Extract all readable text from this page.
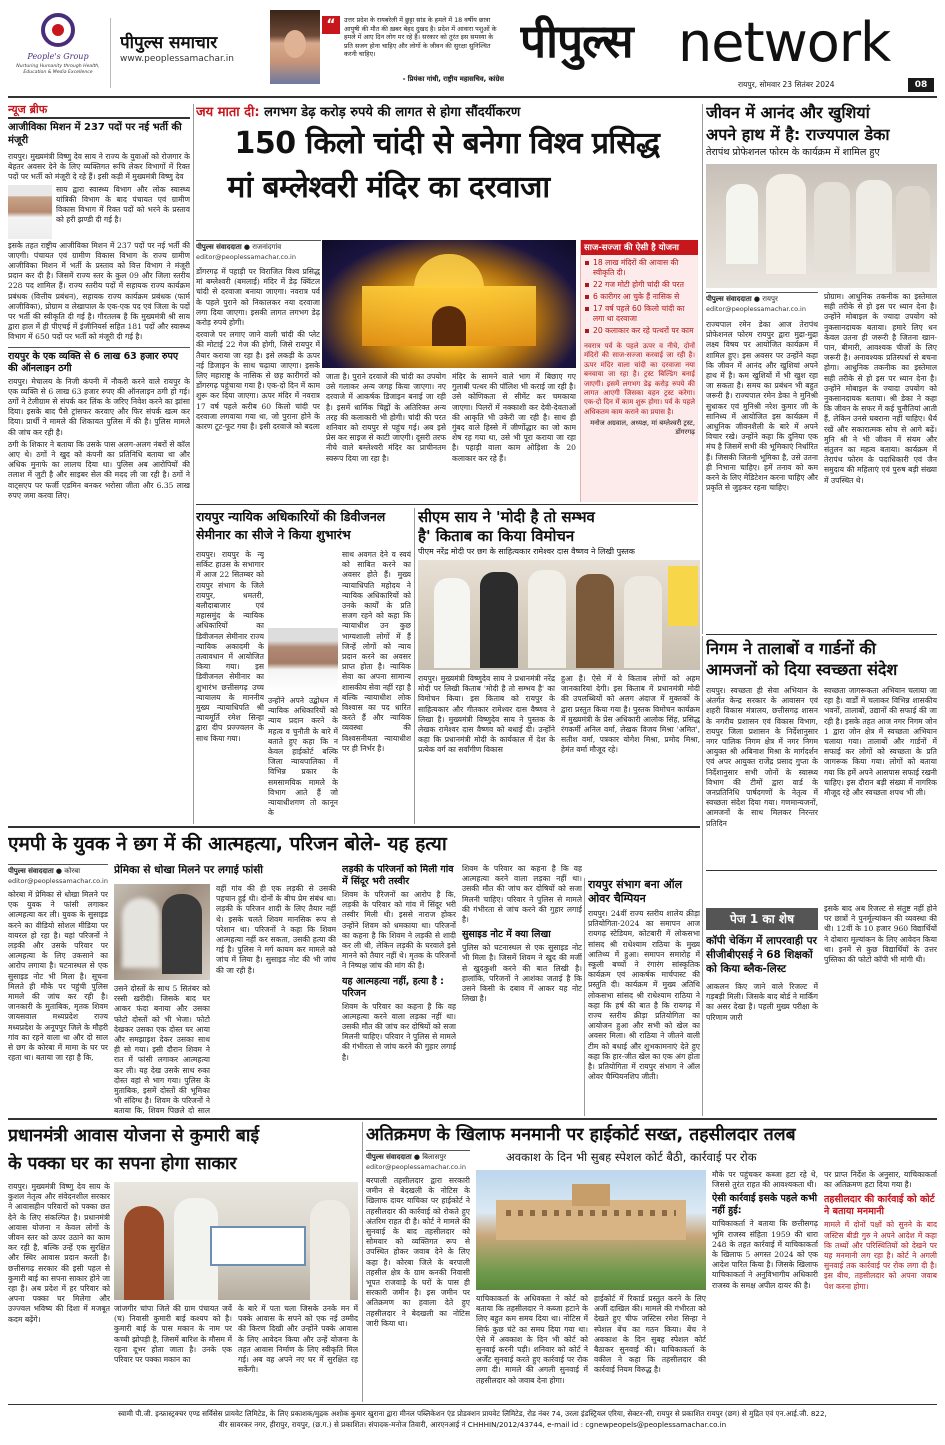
People's Group
Nurturing Humanity through Health, Education & Media Excellence
पीपुल्स समाचार
www.peoplessamachar.in
“	उत्तर प्रदेश के रायबरेली में छुट्टा सांड के हमले में 18 वर्षीय छात्रा आयुषी की मौत की ख़बर बेहद दुखद है। प्रदेश में आवारा पशुओं के हमले में आए दिन लोग मर रहे हैं। सरकार को तुरंत इस समस्या के प्रति सजग होना चाहिए और लोगों के जीवन की सुरक्षा सुनिश्चित करनी चाहिए।
- प्रियंका गांधी, राष्ट्रीय महासचिव, कांग्रेस
पीपुल्स network
रायपुर, सोमवार 23 सितंबर 2024	08
न्यूज ब्रीफ
आजीविका मिशन में 237 पदों पर नई भर्ती की मंजूरी
रायपुर। मुख्यमंत्री विष्णु देव साय ने राज्य के युवाओं को रोजगार के बेहतर अवसर देने के लिए व्यक्तिगत रूचि लेकर विभागों में रिक्त पदों पर भर्ती को मंजूरी दे रहे हैं। इसी कड़ी में मुख्यमंत्री विष्णु देव
साय द्वारा स्वास्थ्य विभाग और लोक स्वास्थ्य यांत्रिकी विभाग के बाद पंचायत एवं ग्रामीण विकास विभाग में रिक्त पदों को भरने के प्रस्ताव को हरी झण्डी दी गई है।
इसके तहत राष्ट्रीय आजीविका मिशन में 237 पदों पर नई भर्ती की जाएगी। पंचायत एवं ग्रामीण विकास विभाग के राज्य ग्रामीण आजीविका मिशन में भर्ती के प्रस्ताव को वित्त विभाग ने मंजूरी प्रदान कर दी है। जिसमें राज्य स्तर के कुल 09 और जिला स्तरीय 228 पद शामिल हैं। राज्य स्तरीय पदों में सहायक राज्य कार्यक्रम प्रबंधक (वित्तीय प्रबंधन), सहायक राज्य कार्यक्रम प्रबंधक (फार्म आजीविका), प्रोग्राम व लेखापाल के एक-एक पद एवं जिला के पदों पर भर्ती की स्वीकृति दी गई है। गौरतलब है कि मुख्यमंत्री श्री साय द्वारा हाल में ही पीएचई में इंजीनियर्स सहित 181 पदों और स्वास्थ्य विभाग में 650 पदों पर भर्ती को मंजूरी दी गई है।
रायपुर के एक व्यक्ति से 6 लाख 63 हजार रुपए की ऑनलाइन ठगी
रायपुर। मेचालय के निजी कंपनी में नौकरी करने वाले रायपुर के एक व्यक्ति से 6 लाख 63 हजार रुपए की ऑनलाइन ठगी हो गई। ठगों ने टेलीग्राम से संपर्क कर लिंक के जरिए निवेश करने का झांसा दिया। इसके बाद पैसे ट्रांसफर करवाए और फिर संपर्क खत्म कर दिया। प्रार्थी ने मामले की शिकायत पुलिस में की है। पुलिस मामले की जांच कर रही है।
ठगी के शिकार ने बताया कि उसके पास अलग-अलग नंबरों से कॉल आए थे। ठगों ने खुद को कंपनी का प्रतिनिधि बताया था और अधिक मुनाफे का लालच दिया था। पुलिस अब आरोपियों की तलाश में जुटी है और साइबर सेल की मदद ली जा रही है। ठगों ने वाट्सएप पर फर्जी एडमिन बनकर भरोसा जीता और 6.35 लाख रुपए जमा करवा लिए।
जय माता दी: लगभग डेढ़ करोड़ रुपये की लागत से होगा सौंदर्यीकरण
150 किलो चांदी से बनेगा विश्व प्रसिद्ध
मां बम्लेश्वरी मंदिर का दरवाजा
साज-सज्जा की ऐसी है योजना
18 लाख मंदिरों की आवास की स्वीकृति दी।
22 गज मोटी होगी चांदी की परत
6 कारीगर आ चुके हैं नासिक से
17 वर्ष पहले 60 किलो चांदी का लगा था दरवाजा
20 कलाकार कर रहे पत्थरों पर काम
नवरात्र पर्व के पहले ऊपर व नीचे, दोनों मंदिरों की साज-सज्जा करवाई जा रही है। ऊपर मंदिर वाला चांदी का दरवाजा नया बनवाया जा रहा है। ट्रस्ट बिल्डिंग बनाई जाएगी। इसमें लगभग डेढ़ करोड़ रुपये की लागत आएगी जिसका वहन ट्रस्ट करेगा। एक-दो दिन में काम शुरू होगा। पर्व के पहले अधिकतम काम कराने का प्रयास है।
मनोज अग्रवाल, अध्यक्ष, मां बम्लेश्वरी ट्रस्ट, डोंगरगढ़
पीपुल्स संवाददाता ● राजनांदगांव
editor@peoplessamachar.co.in

डोंगरगढ़ में पहाड़ी पर विराजित विश्व प्रसिद्ध मां बम्लेश्वरी (बमलाई) मंदिर में डेढ़ क्विंटल चांदी से दरवाजा बनाया जाएगा। नवरात्र पर्व के पहले पुराने को निकालकर नया दरवाजा लगा दिया जाएगा। इसकी लागत लगभग डेढ़ करोड़ रुपये होगी।

दरवाजे पर लगाए जाने वाली चांदी की प्लेट की मोटाई 22 गेज की होगी, जिसे रायपुर में तैयार कराया जा रहा है। इसे लकड़ी के ऊपर नई डिजाइन के साथ चढ़ाया जाएगा। इसके लिए महाराष्ट्र के नासिक से छह कारीगरों को डोंगरगढ़ पहुंचाया गया है। एक-दो दिन में काम शुरू कर दिया जाएगा। ऊपर मंदिर में नवरात्र 17 वर्ष पहले करीब 60 किलो चांदी पर दरवाजा लगवाया गया था, जो पुराना होने के कारण टूट-फूट गया है। इसी दरवाजे को बदला

जाता है। पुराने दरवाजे की चांदी का उपयोग उसे गलाकर अन्य जगह किया जाएगा। नए दरवाजे में आकर्षक डिजाइन बनाई जा रही है। इसमें धार्मिक चिह्नों के अतिरिक्त अन्य तरह की कलाकारी भी होगी। चांदी की परत शनिवार को रायपुर से पहुंच गई। अब इसे प्रेस कर साइज से काटी जाएगी। दूसरी तरफ नीचे वाले बम्लेश्वरी मंदिर का प्राचीनतम स्वरूप दिया जा रहा है।
मंदिर के सामने वाले भाग में बिछाए गए गुलाबी पत्थर की पॉलिश भी कराई जा रही है। उसे कोणिकता से सीमेंट कर चमकाया जाएगा। पिलरों में नक्काशी कर देवी-देवताओं की आकृति भी उकेरी जा रही है। साथ ही गुंबद वाले हिस्से में जीर्णोद्धार का जो काम शेष रह गया था, उसे भी पूरा कराया जा रहा है। पहाड़ी वाला काम ओड़िशा के 20 कलाकार कर रहे हैं।
जीवन में आनंद और खुशियां
अपने हाथ में है: राज्यपाल डेका
तेरापंथ प्रोफेशनल फोरम के कार्यक्रम में शामिल हुए
पीपुल्स संवाददाता ● रायपुर
editor@peoplessamachar.co.in
राज्यपाल रमेन डेका आज तेरापंथ प्रोफेशनल फोरम रायपुर द्वारा मुद्रा-मुद्रा लक्ष्य विषय पर आयोजित कार्यक्रम में शामिल हुए। इस अवसर पर उन्होंने कहा कि जीवन में आनंद और खुशियां अपने हाथ में है। कम खुशियों में भी खुश रहा जा सकता है। समय का प्रबंधन भी बहुत जरूरी है। राज्यपाल रमेन डेका ने मुनिश्री सुधाकर एवं मुनिश्री नरेश कुमार जी के सानिध्य में आयोजित इस कार्यक्रम में आधुनिक जीवनशैली के बारे में अपने विचार रखे। उन्होंने कहा कि दुनिया एक मंच है जिसमें सभी की भूमिकाएं निर्धारित हैं। जिसकी जितनी भूमिका है, उसे उतना ही निभाना चाहिए। हमें तनाव को कम करने के लिए मेडिटेशन करना चाहिए और प्रकृति से जुड़कर रहना चाहिए।
प्रोग्राम। आधुनिक तकनीक का इस्तेमाल सही तरीके से हो इस पर ध्यान देना है। उन्होंने मोबाइल के ज्यादा उपयोग को नुकसानदायक बताया। हमारे लिए धन केवल उतना ही जरूरी है जितना खान-पान, बीमारी, आवश्यक चीजों के लिए जरूरी है। अनावश्यक प्रतिस्पर्धा से बचना होगा। आधुनिक तकनीक का इस्तेमाल सही तरीके से हो इस पर ध्यान देना है। उन्होंने मोबाइल के ज्यादा उपयोग को नुकसानदायक बताया। श्री डेका ने कहा कि जीवन के सफर में कई चुनौतियां आती हैं, लेकिन उनसे घबराना नहीं चाहिए। धैर्य रखें और सकारात्मक सोच से आगे बढ़ें। मुनि श्री ने भी जीवन में संयम और संतुलन का महत्व बताया। कार्यक्रम में तेरापंथ फोरम के पदाधिकारी एवं जैन समुदाय की महिलाएं एवं पुरुष बड़ी संख्या में उपस्थित थे।
रायपुर न्यायिक अधिकारियों की डिवीजनल
सेमीनार का सीजे ने किया शुभारंभ
रायपुर। रायपुर के न्यू सर्किट हाउस के सभागार में आज 22 सितम्बर को रायपुर संभाग के जिले रायपुर, धमतरी, बलौदाबाजार एवं महासमुंद के न्यायिक अधिकारियों का डिवीजनल सेमीनार राज्य न्यायिक अकादमी के तत्वावधान में आयोजित किया गया। इस डिवीजनल सेमीनार का शुभारंभ छत्तीसगढ़ उच्च न्यायालय के माननीय मुख्य न्यायाधिपति श्री न्यायमूर्ति रमेश सिन्हा द्वारा दीप प्रज्ज्वलन के साथ किया गया।
उन्होंने अपने उद्बोधन में न्यायिक अधिकारियों को न्याय प्रदान करने के महत्व व चुनौती के बारे में बताते हुए कहा कि न केवल हाईकोर्ट बल्कि जिला न्यायपालिका में विभिन्न प्रकार के समसामयिक मामले के विभाग आते हैं जो न्यायाधीशगण तो कानून के
साथ अवगत देने व स्वयं को साबित करने का अवसर होते हैं। मुख्य न्यायाधिपति महोदय ने न्यायिक अधिकारियों को उनके कार्यों के प्रति सजग रहने को कहा कि न्यायाधीश उन कुछ भाग्यशाली लोगों में हैं जिन्हें लोगों को न्याय प्रदान करने का अवसर प्राप्त होता है। न्यायिक सेवा का अपना सामान्य शासकीय सेवा नहीं रहा है बल्कि न्यायाधीश लोक विश्वास का पद धारित करते हैं और न्यायिक व्यवस्था की विश्वसनीयता न्यायाधीश पर ही निर्भर है।
सीएम साय ने 'मोदी है तो सम्भव
है' किताब का किया विमोचन
पीएम नरेंद्र मोदी पर छग के साहित्यकार रामेश्वर दास वैष्णव ने लिखी पुस्तक
रायपुर। मुख्यमंत्री विष्णुदेव साय ने प्रधानमंत्री नरेंद्र मोदी पर लिखी किताब 'मोदी है तो सम्भव है' का विमोचन किया। इस किताब को रायपुर के साहित्यकार और गीतकार रामेश्वर दास वैष्णव ने लिखा है। मुख्यमंत्री विष्णुदेव साय ने पुस्तक के लेखक रामेश्वर दास वैष्णव को बधाई दी। उन्होंने कहा कि प्रधानमंत्री मोदी के कार्यकाल में देश के प्रत्येक वर्ग का सर्वांगीण विकास
हुआ है। ऐसे में ये किताब लोगों को अहम जानकारियां देगी। इस किताब में प्रधानमंत्री मोदी की उपलब्धियों को अलग अंदाज में मुक्तकों के द्वारा प्रस्तुत किया गया है। पुस्तक विमोचन कार्यक्रम में मुख्यमंत्री के प्रेस अधिकारी आलोक सिंह, प्रसिद्ध रंगकर्मी अनिल वर्मा, लेखक विजय मिश्रा 'अमित', सतीश वर्मा, पत्रकार योगेश मिश्रा, प्रमोद मिश्रा, हेमंत वर्मा मौजूद रहे।
निगम ने तालाबों व गार्डनों की
आमजनों को दिया स्वच्छता संदेश
रायपुर। स्वच्छता ही सेवा अभियान के अंतर्गत केन्द्र सरकार के आवासन एवं शहरी विकास मंत्रालय, छत्तीसगढ़ शासन के नगरीय प्रशासन एवं विकास विभाग, रायपुर जिला प्रशासन के निर्देशानुसार नगर पालिक निगम क्षेत्र में नगर निगम आयुक्त श्री अबिनाश मिश्रा के मार्गदर्शन एवं अपर आयुक्त राजेंद्र प्रसाद गुप्ता के निर्देशानुसार सभी जोनों के स्वास्थ्य विभाग की टीमों द्वारा वार्ड के जनप्रतिनिधि पार्षदगणों के नेतृत्व में स्वच्छता संदेश दिया गया। गणमान्यजनों, आमजनों के साथ मिलकर निरन्तर प्रतिदिन
स्वच्छता जागरूकता अभियान चलाया जा रहा है। वार्डों में चलाकर विभिन्न शासकीय भवनों, तालाबों, उद्यानों की सफाई की जा रही है। इसके तहत आज नगर निगम जोन 1 द्वारा जोन क्षेत्र में स्वच्छता अभियान चलाया गया। तालाबों और गार्डनों में सफाई कर लोगों को स्वच्छता के प्रति जागरूक किया गया। लोगों को बताया गया कि हमें अपने आसपास सफाई रखनी चाहिए। इस दौरान बड़ी संख्या में नागरिक मौजूद रहे और स्वच्छता शपथ भी ली।
एमपी के युवक ने छग में की आत्महत्या, परिजन बोले- यह हत्या
पीपुल्स संवाददाता ● कोरबा
editor@peoplessamachar.co.in
कोरबा में प्रेमिका से धोखा मिलने पर एक युवक ने फांसी लगाकर आत्महत्या कर ली। युवक के सुसाइड करने का वीडियो सोशल मीडिया पर वायरल हो रहा है। यहां परिजनों ने लड़की और उसके परिवार पर आत्महत्या के लिए उकसाने का आरोप लगाया है। घटनास्थल से एक सुसाइड नोट भी मिला है। सूचना मिलते ही मौके पर पहुंची पुलिस मामले की जांच कर रही है। जानकारी के मुताबिक, मृतक शिवम जायसवाल मध्यप्रदेश राज्य मध्यप्रदेश के अनूपपुर जिले के मौहरी गांव का रहने वाला था और दो साल से छग के कोरबा में मामा के घर पर रहता था। बताया जा रहा है कि,
प्रेमिका से धोखा मिलने पर लगाई फांसी
उसने दोस्तों के साथ 5 सितंबर को रस्सी खरीदी। जिसके बाद घर आकर फंदा बनाया और उसका फोटो दोस्तों को भी भेजा। फोटो देखकर उसका एक दोस्त घर आया और समझाइश देकर उसका साथ ही सो गया। इसी दौरान शिवम ने रात में फांसी लगाकर आत्महत्या कर ली। यह देख उसके साथ रुका दोस्त वहां से भाग गया। पुलिस के मुताबिक, इसमें दोस्तों की भूमिका भी संदिग्ध है। शिवम के परिजनों ने बताया कि, शिवम पिछले दो साल
वहीं गांव की ही एक लड़की से उसकी पहचान हुई थी। दोनों के बीच प्रेम संबंध था। लड़की के परिजन शादी के लिए तैयार नहीं थे। इसके चलते शिवम मानसिक रूप से परेशान था। परिजनों ने कहा कि शिवम आत्महत्या नहीं कर सकता, उसकी हत्या की गई है। पुलिस ने मर्ग कायम कर मामले को जांच में लिया है। सुसाइड नोट की भी जांच की जा रही है।
लड़की के परिजनों को मिली गांव में सिंदूर भरी तस्वीर
शिवम के परिजनों का आरोप है कि, लड़की के परिवार को गांव में सिंदूर भरी तस्वीर मिली थी। इससे नाराज होकर उन्होंने शिवम को धमकाया था। परिजनों का कहना है कि शिवम ने लड़की से शादी कर ली थी, लेकिन लड़की के घरवाले इसे मानने को तैयार नहीं थे। मृतक के परिजनों ने निष्पक्ष जांच की मांग की है।
यह आत्महत्या नहीं, हत्या है : परिजन
शिवम के परिवार का कहना है कि वह आत्महत्या करने वाला लड़का नहीं था। उसकी मौत की जांच कर दोषियों को सजा मिलनी चाहिए। परिवार ने पुलिस से मामले की गंभीरता से जांच करने की गुहार लगाई है।
शिवम के परिवार का कहना है कि वह आत्महत्या करने वाला लड़का नहीं था। उसकी मौत की जांच कर दोषियों को सजा मिलनी चाहिए। परिवार ने पुलिस से मामले की गंभीरता से जांच करने की गुहार लगाई है।
सुसाइड नोट में क्या लिखा
पुलिस को घटनास्थल से एक सुसाइड नोट भी मिला है। जिसमें शिवम ने खुद की मर्जी से खुदकुशी करने की बात लिखी है। हालांकि, परिजनों ने आशंका जताई है कि उसने किसी के दबाव में आकर यह नोट लिखा है।
रायपुर संभाग बना ऑल ओवर चैम्पियन
रायपुर। 24वीं राज्य स्तरीय शालेय क्रीड़ा प्रतियोगिता-2024 का समापन आज रायगढ़ स्टेडियम, कोटबारी में लोकसभा सांसद श्री राधेश्याम राठिया के मुख्य आतिथ्य में हुआ। समापन समारोह में स्कूली बच्चों ने रंगारंग सांस्कृतिक कार्यक्रम एवं आकर्षक मार्चपास्ट की प्रस्तुति दी। कार्यक्रम में मुख्य अतिथि लोकसभा सांसद श्री राधेश्याम राठिया ने कहा कि हर्ष की बात है कि रायगढ़ में राज्य स्तरीय क्रीड़ा प्रतियोगिता का आयोजन हुआ और सभी को खेल का अवसर मिला। श्री राठिया ने जीतने वाली टीम को बधाई और शुभकामनाएं देते हुए कहा कि हार-जीत खेल का एक अंग होता है। प्रतियोगिता में रायपुर संभाग ने ऑल ओवर चैम्पियनशिप जीती।
इसके बाद अब रिजल्ट से संतुष्ट नहीं होने पर छात्रों ने पुनर्मूल्यांकन की व्यवस्था की थी। 12वीं के 10 हजार 960 विद्यार्थियों ने दोबारा मूल्यांकन के लिए आवेदन किया था। इनमें से कुछ विद्यार्थियों के उत्तर पुस्तिका की फोटो कॉपी भी मांगी थी।
पेज 1 का शेष
कॉपी चेकिंग में लापरवाही पर सीजीबीएसई ने 68 शिक्षकों को किया ब्लैक-लिस्ट
आकलन किए जाने वाले रिजल्ट में गड़बड़ी मिली। जिसके बाद बोर्ड ने मार्किंग का असर देखा है। पहली मुख्य परीक्षा के परिणाम जारी
प्रधानमंत्री आवास योजना से कुमारी बाई
के पक्का घर का सपना होगा साकार
रायपुर। मुख्यमंत्री विष्णु देव साय के कुशल नेतृत्व और संवेदनशील सरकार ने आवासहीन परिवारों को पक्का छत देने के लिए संकल्पित है। प्रधानमंत्री आवास योजना न केवल लोगों के जीवन स्तर को ऊपर उठाने का काम कर रही है, बल्कि उन्हें एक सुरक्षित और स्थिर आवास प्रदान करती है। छत्तीसगढ़ सरकार की इसी पहल से कुमारी बाई का सपना साकार होने जा रहा है। अब प्रदेश में हर परिवार को अपना पक्का घर मिलेगा और उज्ज्वल भविष्य की दिशा में मजबूत कदम बढ़ेंगे।
जांजगीर चांपा जिले की ग्राम पंचायत जर्वे (च) निवासी कुमारी बाई कश्यप को है। कुमारी बाई के पास मकान के नाम पर कच्ची झोपड़ी है, जिसमें बारिश के मौसम में रहना दूभर होता जाता है। उनके एक परिवार पर पक्का मकान का
के बारे में पता चला जिसके उनके मन में पक्के आवास के सपने को एक नई उम्मीद की किरण दिखी और उन्होंने पक्के आवास के लिए आवेदन किया और उन्हें योजना के तहत आवास निर्माण के लिए स्वीकृति मिल गई। अब वह अपने नए घर में सुरक्षित रह सकेंगी।
अतिक्रमण के खिलाफ मनमानी पर हाईकोर्ट सख्त, तहसीलदार तलब
अवकाश के दिन भी सुबह स्पेशल कोर्ट बैठी, कार्रवाई पर रोक
पीपुल्स संवाददाता ● बिलासपुर
editor@peoplessamachar.co.in
बरपाली तहसीलदार द्वारा सरकारी जमीन से बेदखली के नोटिस के खिलाफ दायर याचिका पर हाईकोर्ट ने तहसीलदार की कार्रवाई को रोकते हुए अंतरिम राहत दी है। कोर्ट ने मामले की सुनवाई के बाद तहसीलदार को सोमवार को व्यक्तिगत रूप से उपस्थित होकर जवाब देने के लिए कहा है। कोरबा जिले के बरपाली तहसील क्षेत्र के ग्राम कनकी निवासी भूपत राजवाड़े के घरों के पास ही सरकारी जमीन है। इस जमीन पर अतिक्रमण का हवाला देते हुए तहसीलदार ने बेदखली का नोटिस जारी किया था।
याचिकाकर्ता के अधिवक्ता ने कोर्ट को बताया कि तहसीलदार ने कब्जा हटाने के लिए बहुत कम समय दिया था। नोटिस में सिर्फ कुछ घंटे का समय दिया गया था। ऐसे में अवकाश के दिन भी कोर्ट को सुनवाई करनी पड़ी। शनिवार को कोर्ट ने अर्जेंट सुनवाई करते हुए कार्रवाई पर रोक लगा दी। मामले की अगली सुनवाई में तहसीलदार को जवाब देना होगा।
हाईकोर्ट में रिकार्ड प्रस्तुत करने के लिए अर्जी दाखिल की। मामले की गंभीरता को देखते हुए चीफ जस्टिस रमेश सिन्हा ने स्पेशल बेंच का गठन किया। बेंच ने अवकाश के दिन सुबह स्पेशल कोर्ट बैठाकर सुनवाई की। याचिकाकर्ता के वकील ने कहा कि तहसीलदार की कार्रवाई नियम विरुद्ध है।
मौके पर पहुंचकर कब्जा हटा रहे थे, जिससे तुरंत राहत की आवश्यकता थी।
ऐसी कार्रवाई इसके पहले कभी नहीं हुई:
याचिकाकर्ता ने बताया कि छत्तीसगढ़ भूमि राजस्व संहिता 1959 की धारा 248 के तहत कार्रवाई में याचिकाकर्ता के खिलाफ 5 अगस्त 2024 को एक आदेश पारित किया है। जिसके खिलाफ याचिकाकर्ता ने अनुविभागीय अधिकारी राजस्व के समक्ष अपील दायर की है।
पर प्राप्त निर्देश के अनुसार, याचिकाकर्ता का अतिक्रमण हटा दिया गया है।
तहसीलदार की कार्रवाई को कोर्ट ने बताया मनमानी
मामले में दोनों पक्षों को सुनने के बाद जस्टिस बीडी गुरु ने अपने आदेश में कहा कि तथ्यों और परिस्थितियों को देखने पर यह मनमानी लग रहा है। कोर्ट ने अगली सुनवाई तक कार्रवाई पर रोक लगा दी है। इस बीच, तहसीलदार को अपना जवाब पेश करना होगा।
स्वामी पी.जी. इन्फ्रास्ट्रक्चर एण्ड सर्विसेस प्रायवेट लिमिटेड, के लिए प्रकाशक/मुद्रक अशोक कुमार खुराना द्वारा मीनल पब्लिकेशन एंड प्रोडक्शन प्रायवेट लिमिटेड, रोड नंबर 74, उरला इंडस्ट्रियल एरिया, सेक्टर-सी, रायपुर से प्रकाशित रायपुर (छग) से मुद्रित एवं एन.आई.जी. 822,
वीर सावरकर नगर, हीरापुर, रायपुर, (छ.ग.) से प्रकाशित। संपादक-मनोज तिवारी, आरएनआई नं CHHHIN/2012/43744, e-mail id : cgnewpeopels@peoplessamachar.co.in
